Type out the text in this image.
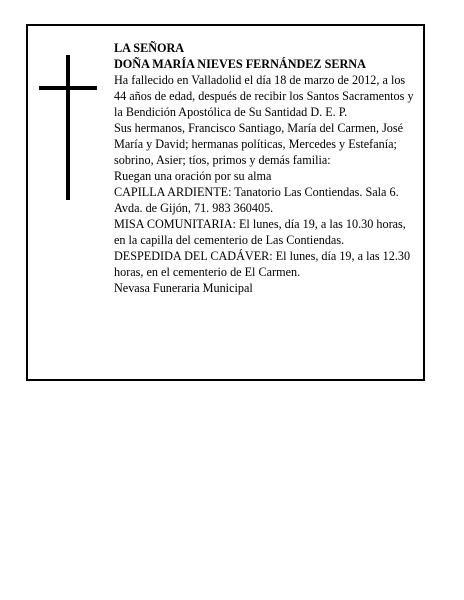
LA SEÑORA

DOÑA MARÍA NIEVES FERNÁNDEZ SERNA

Ha fallecido en Valladolid el día 18 de marzo de 2012, a los 44 años de edad, después de recibir los Santos Sacramentos y la Bendición Apostólica de Su Santidad D. E. P.

Sus hermanos, Francisco Santiago, María del Carmen, José María y David; hermanas políticas, Mercedes y Estefanía; sobrino, Asier; tíos, primos y demás familia:

Ruegan una oración por su alma

CAPILLA ARDIENTE: Tanatorio Las Contiendas. Sala 6. Avda. de Gijón, 71. 983 360405.

MISA COMUNITARIA: El lunes, día 19, a las 10.30 horas, en la capilla del cementerio de Las Contiendas.

DESPEDIDA DEL CADÁVER: El lunes, día 19, a las 12.30 horas, en el cementerio de El Carmen.

Nevasa Funeraria Municipal
